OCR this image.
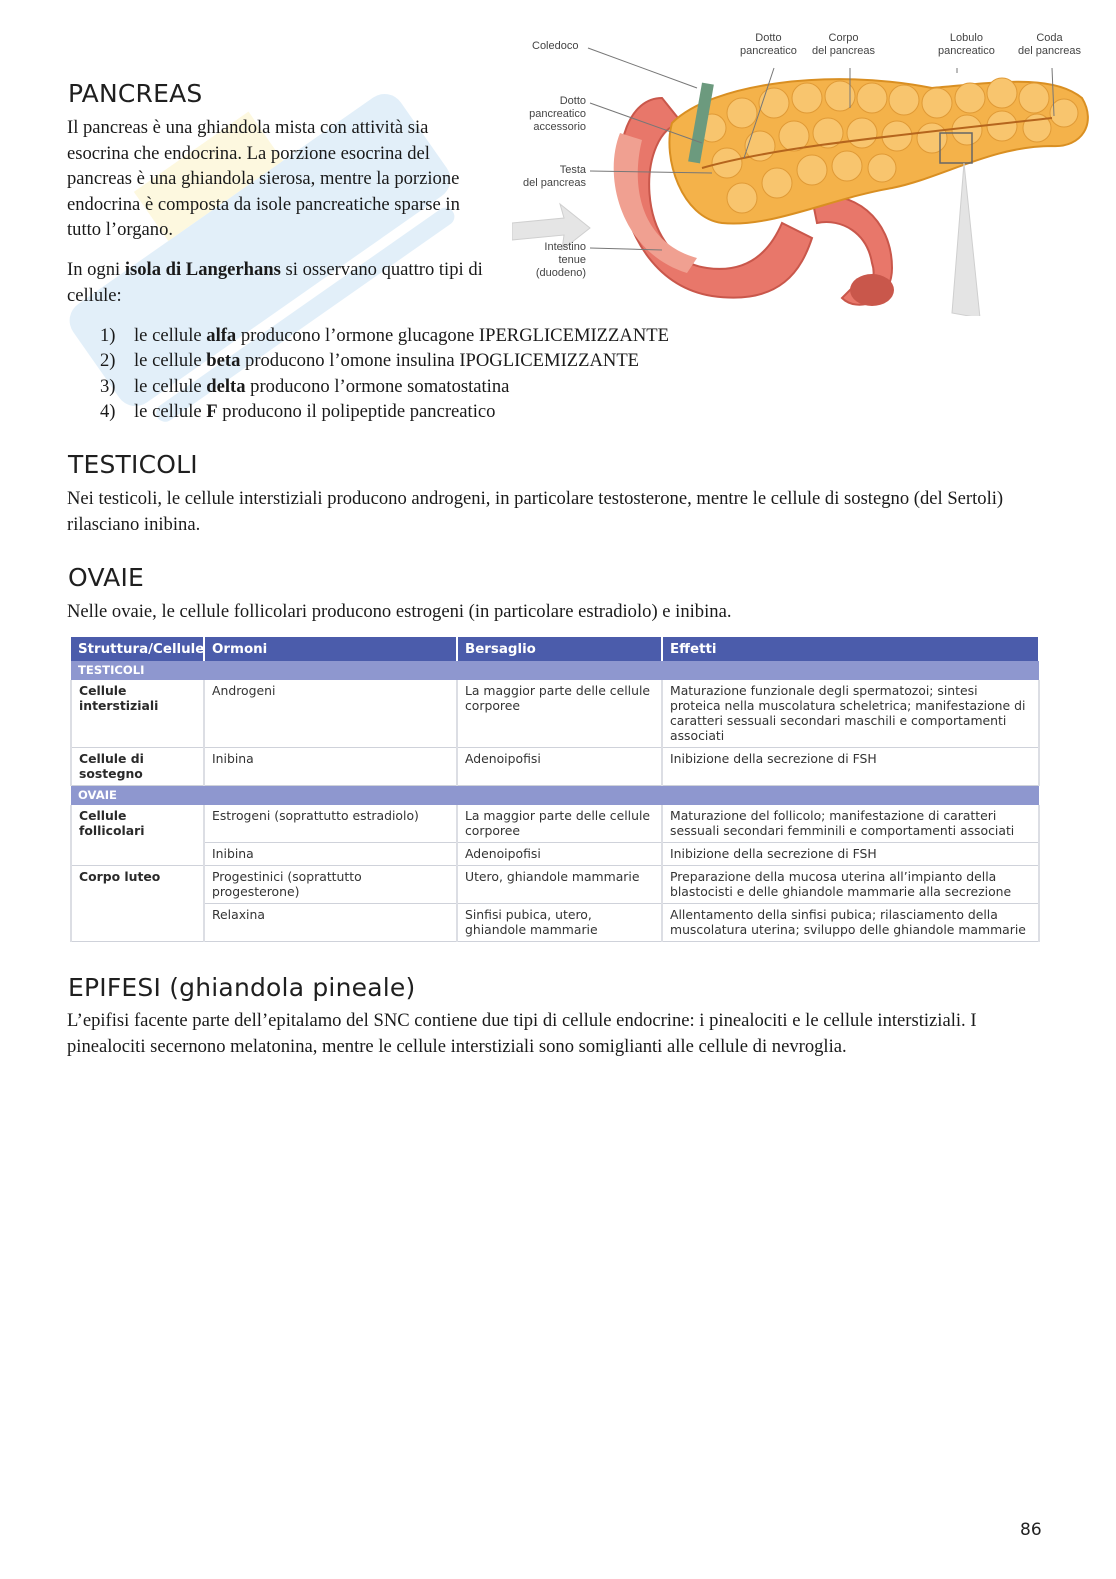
PANCREAS

Il pancreas è una ghiandola mista con attività sia esocrina che endocrina. La porzione esocrina del pancreas è una ghiandola sierosa, mentre la porzione endocrina è composta da isole pancreatiche sparse in tutto l’organo.

In ogni isola di Langerhans si osservano quattro tipi di cellule:

Coledoco
Dotto
pancreatico
Corpo
del pancreas
Lobulo
pancreatico
Coda
del pancreas
Dotto
pancreatico
accessorio
Testa
del pancreas
Intestino
tenue
(duodeno)
1) le cellule alfa producono l’ormone glucagone IPERGLICEMIZZANTE
2) le cellule beta producono l’omone insulina IPOGLICEMIZZANTE
3) le cellule delta producono l’ormone somatostatina
4) le cellule F producono il polipeptide pancreatico
TESTICOLI

Nei testicoli, le cellule interstiziali producono androgeni, in particolare testosterone, mentre le cellule di sostegno (del Sertoli) rilasciano inibina.

OVAIE

Nelle ovaie, le cellule follicolari producono estrogeni (in particolare estradiolo) e inibina.

Struttura/Cellule	Ormoni	Bersaglio	Effetti
TESTICOLI			
Cellule interstiziali	Androgeni	La maggior parte delle cellule corporee	Maturazione funzionale degli spermatozoi; sintesi proteica nella muscolatura scheletrica; manifestazione di caratteri sessuali secondari maschili e comportamenti associati
Cellule di sostegno	Inibina	Adenoipofisi	Inibizione della secrezione di FSH
OVAIE			
Cellule follicolari	Estrogeni (soprattutto estradiolo)	La maggior parte delle cellule corporee	Maturazione del follicolo; manifestazione di caratteri sessuali secondari femminili e comportamenti associati
	Inibina	Adenoipofisi	Inibizione della secrezione di FSH
Corpo luteo	Progestinici (soprattutto progesterone)	Utero, ghiandole mammarie	Preparazione della mucosa uterina all’impianto della blastocisti e delle ghiandole mammarie alla secrezione
	Relaxina	Sinfisi pubica, utero, ghiandole mammarie	Allentamento della sinfisi pubica; rilasciamento della muscolatura uterina; sviluppo delle ghiandole mammarie
EPIFESI (ghiandola pineale)

L’epifisi facente parte dell’epitalamo del SNC contiene due tipi di cellule endocrine: i pinealociti e le cellule interstiziali. I pinealociti secernono melatonina, mentre le cellule interstiziali sono somiglianti alle cellule di nevroglia.

86
